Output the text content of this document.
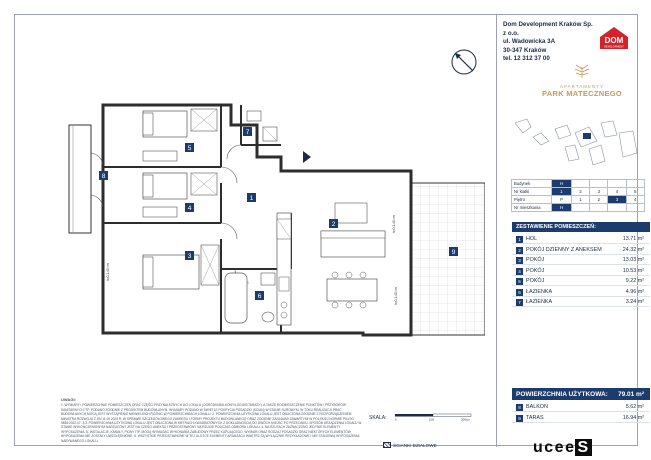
1
2
3
4
5
6
7
8
9
h=0-1.40 cm
h=0-1.40 cm
h=0-1.40 cm
Dom Development Kraków Sp. z o.o.
ul. Wadowicka 3A
30-347 Kraków
tel. 12 312 37 00
DOM
DEVELOPMENT
APARTAMENTY
PARK MATECZNEGO
Budynek	H				
Nr klatki	1	2	3	4	5
Piętro	P	1	2	3	4
Nr mieszkania	H				
ZESTAWIENIE POMIESZCZEŃ:
1 HOL	13.71 m²
2 POKÓJ DZIENNY Z ANEKSEM	24.32 m²
3 POKÓJ	13.03 m²
4 POKÓJ	10.53 m²
5 POKÓJ	9.22 m²
6 ŁAZIENKA	4.96 m²
7 ŁAZIENKA	3.24 m²
POWIERZCHNIA UŻYTKOWA: 79.01 m²
8 BALKON	5.62 m²
9 TARAS	16.94 m²
UWAGI:
1. WYMIARY I POWIERZCHNIE POMIESZCZEŃ ORAZ CZĘŚCI PRZYNALEŻNYCH DO LOKALU (OGRÓDKI/BALKONY/LOGGIE/TARASY), A TAKŻE ROZMIESZCZENIE PUNKTÓW I PRZYBORÓW SANITARNYCH ITP. PODANO ZGODNIE Z PROJEKTEM BUDOWLANYM. WYMIARY PODANO W ŚWIETLE POKRYCIA POSADZKI (SCIAN) W STANIE SUROWYM. W TOKU REALIZACJI PRAC BUDOWLANYCH MOGĄ JEST WYSTĄPIENIE NIEWIELKICH RÓŻNIC W POWIERZCHNIACH LOKALU. 2. POWIERZCHNIA UŻYTKOWA LOKALU JEST OBLICZONA ZGODNIE Z ROZPORZĄDZENIEM MINISTRA ROZWOJU Z DN 11.09.2020 R. W SPRAWIE SZCZEGÓŁOWEGO ZAKRESU I FORMY PROJEKTU BUDOWLANEGO ORAZ ZGODNIE ZASADAMI ZAWARTYMI W POLSKIEJ NORMIE PN-ISO 9836:2022-07. 3.3. POWIERZCHNIA UŻYTKOWA LOKALU JEST OBLICZONA W METRACH KWADRATOWYCH Z DOKŁADNOŚCIĄ DO DWÓCH MIEJSC PO PRZECINKU. SPOSÓB URZĄDZENIA LOKALU W STANIE WYKOŃCZENIOWYM NARZUCONY JEST NA CZEŚCI ANEKSU I PRZEDSTAWIONY NA RZUCIE PODCZAS ODBIORU LOKALU. 4. NA RZUTACH ZAZNACZONO JEDYNIE ELEMENTY WYPOSAŻENIA. 5. INSTALACJE, KANAŁY, PIONY ITP. MOGĄ WYMAGAĆ WYKONANIA ZABUDOWY PRZEZ KUPUJĄCEGO. WYMIAR ORAZ RODZAJ POSADZKI ORAZ NIEKTÓRYCH ELEMENTÓW WYPOSAŻENIA NIE ZOSTAŁY UWZGLĘDNIONE. 6. WSZYSTKIE PRZEDSTAWIONE W TEJ ULOTCE ELEMENTY ARANŻACJI WNĘTRZ SĄ WYŁĄCZNIE PRZYKŁADOWE I NIE STANOWIĄ WYPOSAŻENIA NABYWANEGO LOKALU.
SKALA:	0	100	200cm
ŚCIANKI DZIAŁOWE	ucee S
